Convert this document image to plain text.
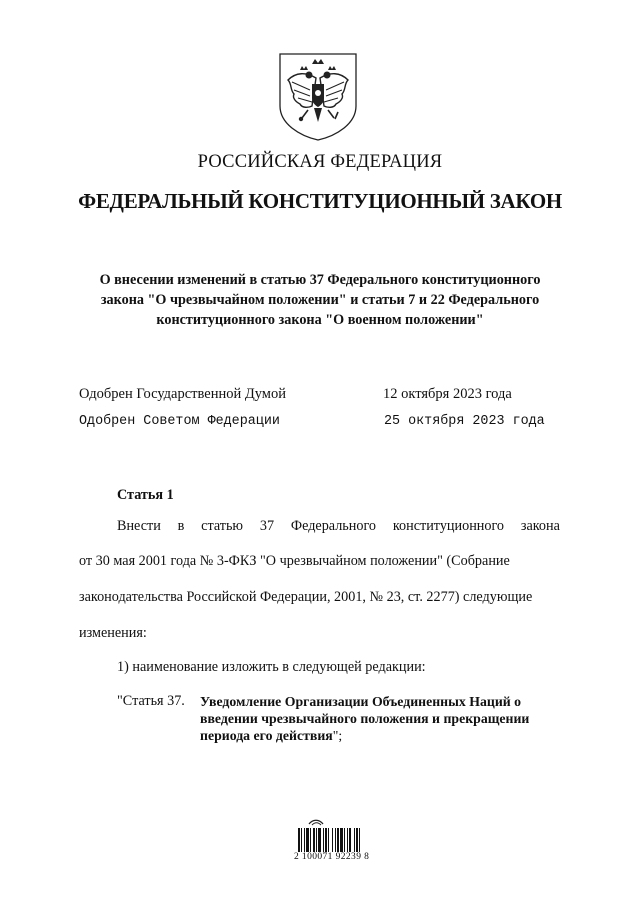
РОССИЙСКАЯ ФЕДЕРАЦИЯ
ФЕДЕРАЛЬНЫЙ КОНСТИТУЦИОННЫЙ ЗАКОН
О внесении изменений в статью 37 Федерального конституционного
закона "О чрезвычайном положении" и статьи 7 и 22 Федерального
конституционного закона "О военном положении"
Одобрен Государственной Думой	12 октября 2023 года
Одобрен Советом Федерации	25 октября 2023 года
Статья 1
Внести в статью 37 Федерального конституционного закона
от 30 мая 2001 года № 3-ФКЗ "О чрезвычайном положении" (Собрание
законодательства Российской Федерации, 2001, № 23, ст. 2277) следующие
изменения:
1) наименование изложить в следующей редакции:
"Статья 37. Уведомление Организации Объединенных Наций о
введении чрезвычайного положения и прекращении
периода его действия";
2 100071 92239 8
